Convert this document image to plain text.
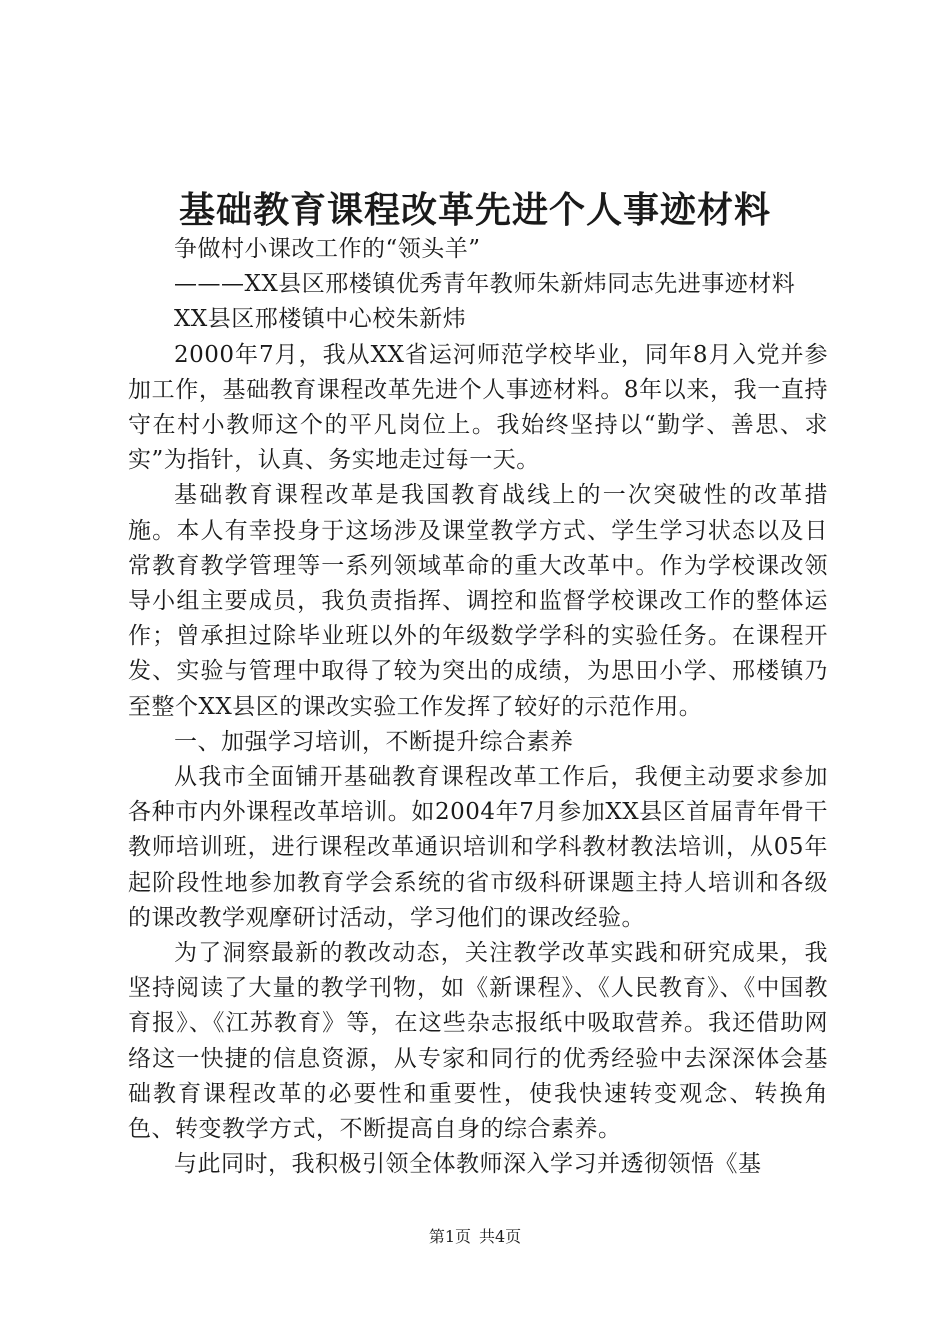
基础教育课程改革先进个人事迹材料

争做村小课改工作的“领头羊”

———XX县区邢楼镇优秀青年教师朱新炜同志先进事迹材料

XX县区邢楼镇中心校朱新炜

2000年7月，我从XX省运河师范学校毕业，同年8月入党并参加工作，基础教育课程改革先进个人事迹材料。8年以来，我一直持守在村小教师这个的平凡岗位上。我始终坚持以“勤学、善思、求实”为指针，认真、务实地走过每一天。

基础教育课程改革是我国教育战线上的一次突破性的改革措施。本人有幸投身于这场涉及课堂教学方式、学生学习状态以及日常教育教学管理等一系列领域革命的重大改革中。作为学校课改领导小组主要成员，我负责指挥、调控和监督学校课改工作的整体运作；曾承担过除毕业班以外的年级数学学科的实验任务。在课程开发、实验与管理中取得了较为突出的成绩，为思田小学、邢楼镇乃至整个XX县区的课改实验工作发挥了较好的示范作用。

一、加强学习培训，不断提升综合素养

从我市全面铺开基础教育课程改革工作后，我便主动要求参加各种市内外课程改革培训。如2004年7月参加XX县区首届青年骨干教师培训班，进行课程改革通识培训和学科教材教法培训，从05年起阶段性地参加教育学会系统的省市级科研课题主持人培训和各级的课改教学观摩研讨活动，学习他们的课改经验。

为了洞察最新的教改动态，关注教学改革实践和研究成果，我坚持阅读了大量的教学刊物，如《新课程》、《人民教育》、《中国教育报》、《江苏教育》等，在这些杂志报纸中吸取营养。我还借助网络这一快捷的信息资源，从专家和同行的优秀经验中去深深体会基础教育课程改革的必要性和重要性，使我快速转变观念、转换角色、转变教学方式，不断提高自身的综合素养。

与此同时，我积极引领全体教师深入学习并透彻领悟《基

第1页 共4页
